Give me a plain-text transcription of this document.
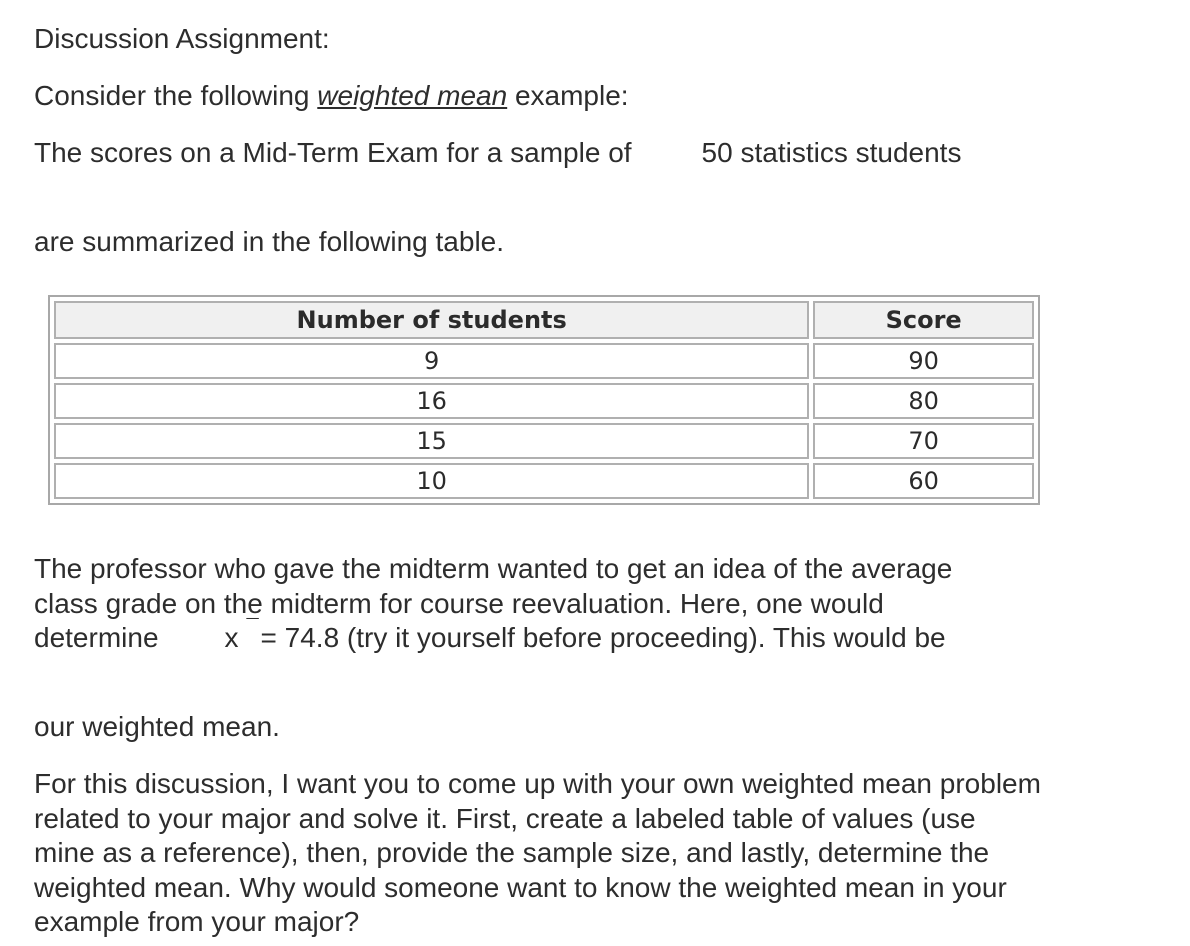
Discussion Assignment:
Consider the following weighted mean example:
The scores on a Mid-Term Exam for a sample of	50 statistics students
are summarized in the following table.
Number of students	Score
9	90
16	80
15	70
10	60
The professor who gave the midterm wanted to get an idea of the average
class grade on the midterm for course reevaluation. Here, one would
determine x ¯ = 74.8 (try it yourself before proceeding). This would be
our weighted mean.
For this discussion, I want you to come up with your own weighted mean problem related to your major and solve it. First, create a labeled table of values (use mine as a reference), then, provide the sample size, and lastly, determine the weighted mean. Why would someone want to know the weighted mean in your example from your major?
